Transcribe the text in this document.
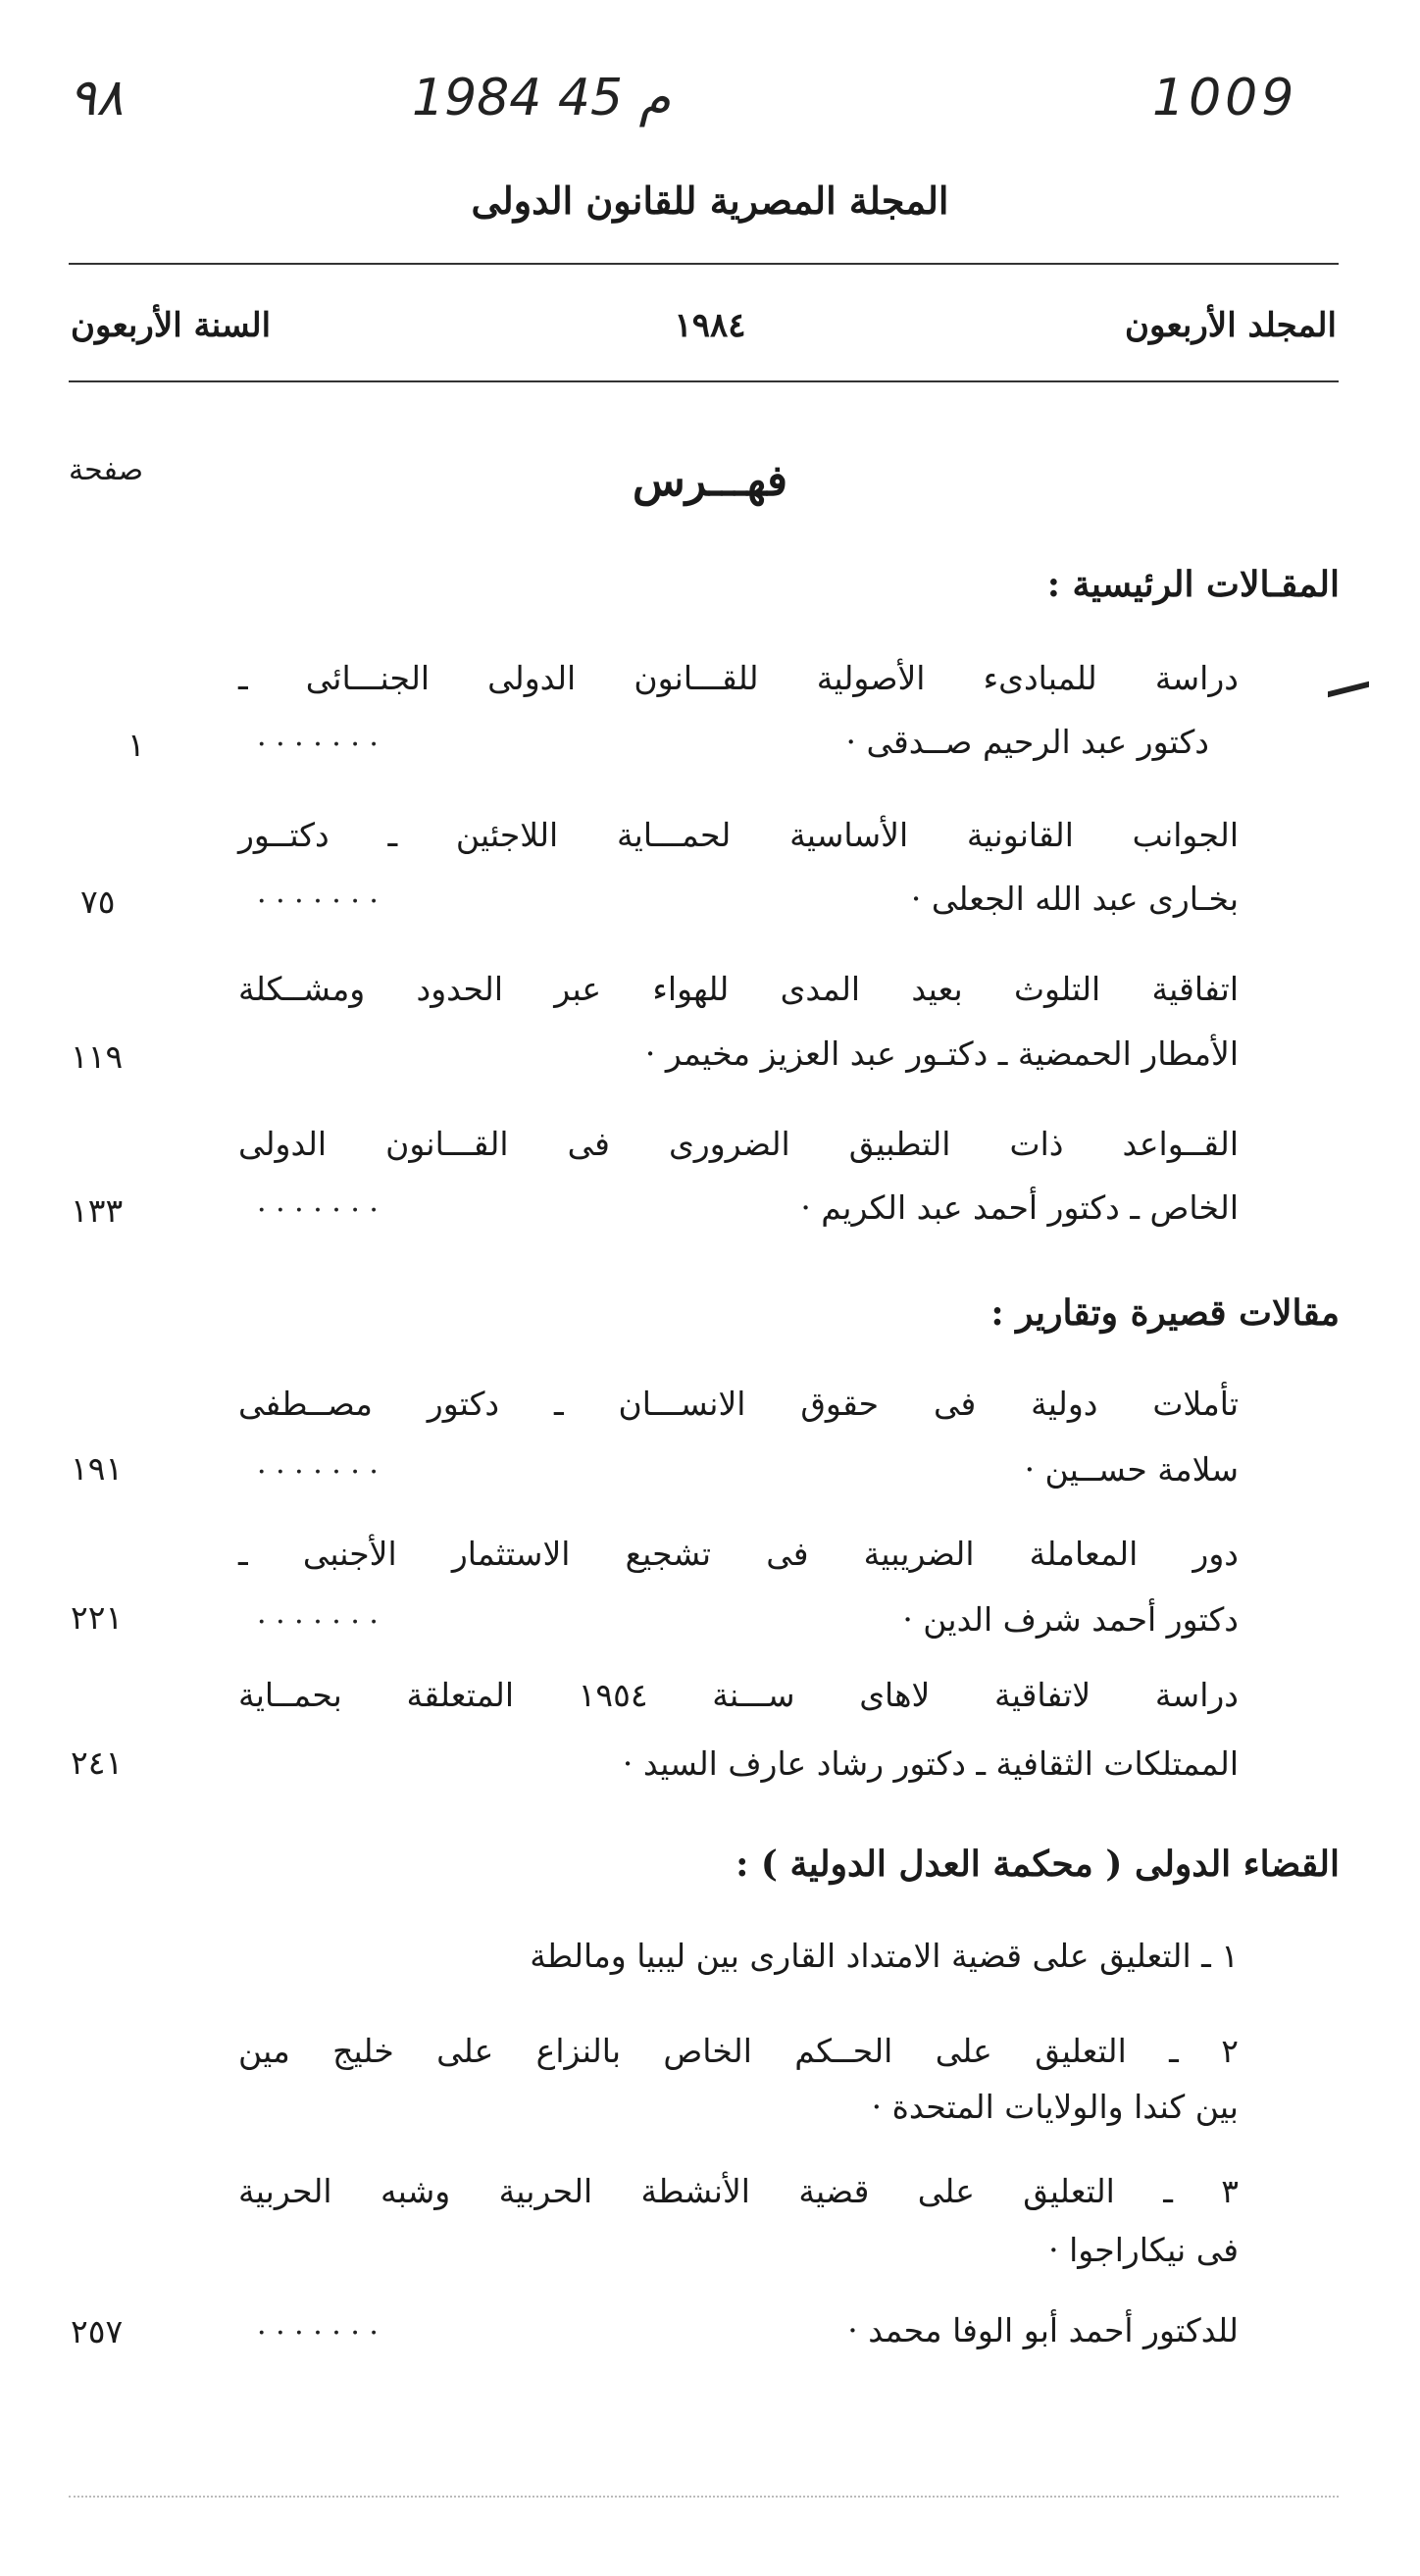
٩٨	1984 م 45	1009
المجلة المصرية للقانون الدولى
المجلد الأربعون
١٩٨٤
السنة الأربعون
صفحة	فهـــرس
المقـالات الرئيسية :
دراسة للمبادىء الأصولية للقـــانون الدولى الجنـــائى ـ
دكتور عبد الرحيم صــدقى ·
· · · · · · ·
١
الجوانب القانونية الأساسية لحمـــاية اللاجئين ـ دكتــور
بخـارى عبد الله الجعلى ·
· · · · · · ·
٧٥
اتفاقية التلوث بعيد المدى للهواء عبر الحدود ومشــكلة
الأمطار الحمضية ـ دكتـور عبد العزيز مخيمر ·
١١٩
القــواعد ذات التطبيق الضرورى فى القـــانون الدولى
الخاص ـ دكتور أحمد عبد الكريم ·
· · · · · · ·
١٣٣
مقالات قصيرة وتقارير :
تأملات دولية فى حقوق الانســـان ـ دكتور مصــطفى
سلامة حســين ·
· · · · · · ·
١٩١
دور المعاملة الضريبية فى تشجيع الاستثمار الأجنبى ـ
دكتور أحمد شرف الدين ·
· · · · · · ·
٢٢١
دراسة لاتفاقية لاهاى ســـنة ١٩٥٤ المتعلقة بحمــاية
الممتلكات الثقافية ـ دكتور رشاد عارف السيد ·
٢٤١
القضاء الدولى ( محكمة العدل الدولية ) :
١ ـ التعليق على قضية الامتداد القارى بين ليبيا ومالطة
٢ ـ التعليق على الحــكم الخاص بالنزاع على خليج مين
بين كندا والولايات المتحدة ·
٣ ـ التعليق على قضية الأنشطة الحربية وشبه الحربية
فى نيكاراجوا ·
للدكتور أحمد أبو الوفا محمد ·
· · · · · · ·
٢٥٧
